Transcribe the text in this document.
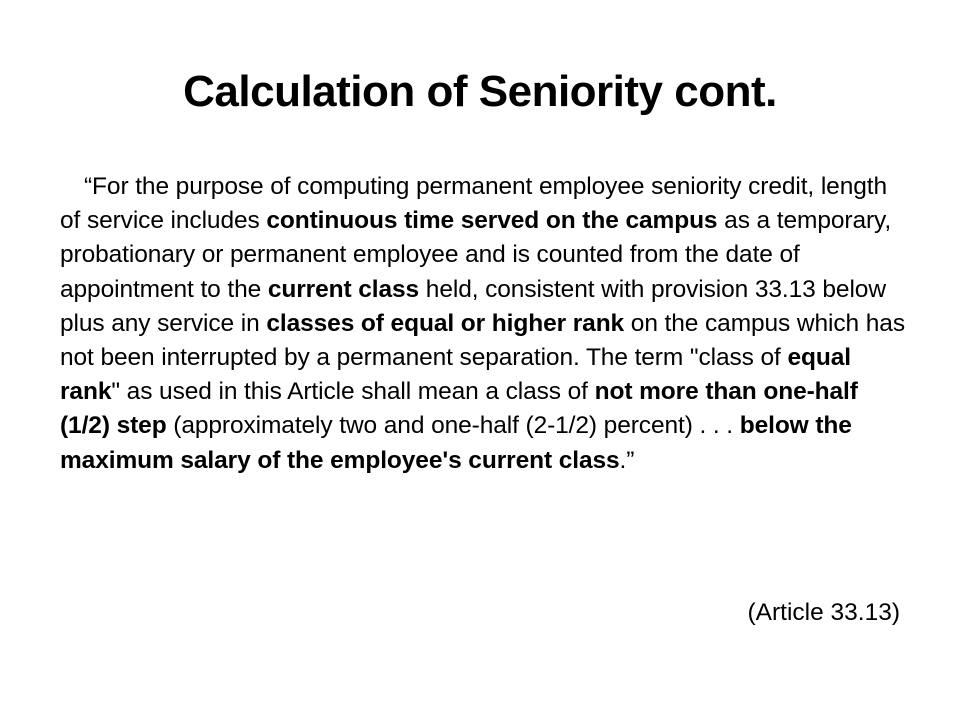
Calculation of Seniority cont.

“For the purpose of computing permanent employee seniority credit, length of service includes continuous time served on the campus as a temporary, probationary or permanent employee and is counted from the date of appointment to the current class held, consistent with provision 33.13 below plus any service in classes of equal or higher rank on the campus which has not been interrupted by a permanent separation. The term "class of equal rank" as used in this Article shall mean a class of not more than one-half (1/2) step (approximately two and one-half (2-1/2) percent) . . . below the maximum salary of the employee's current class.”

(Article 33.13)
